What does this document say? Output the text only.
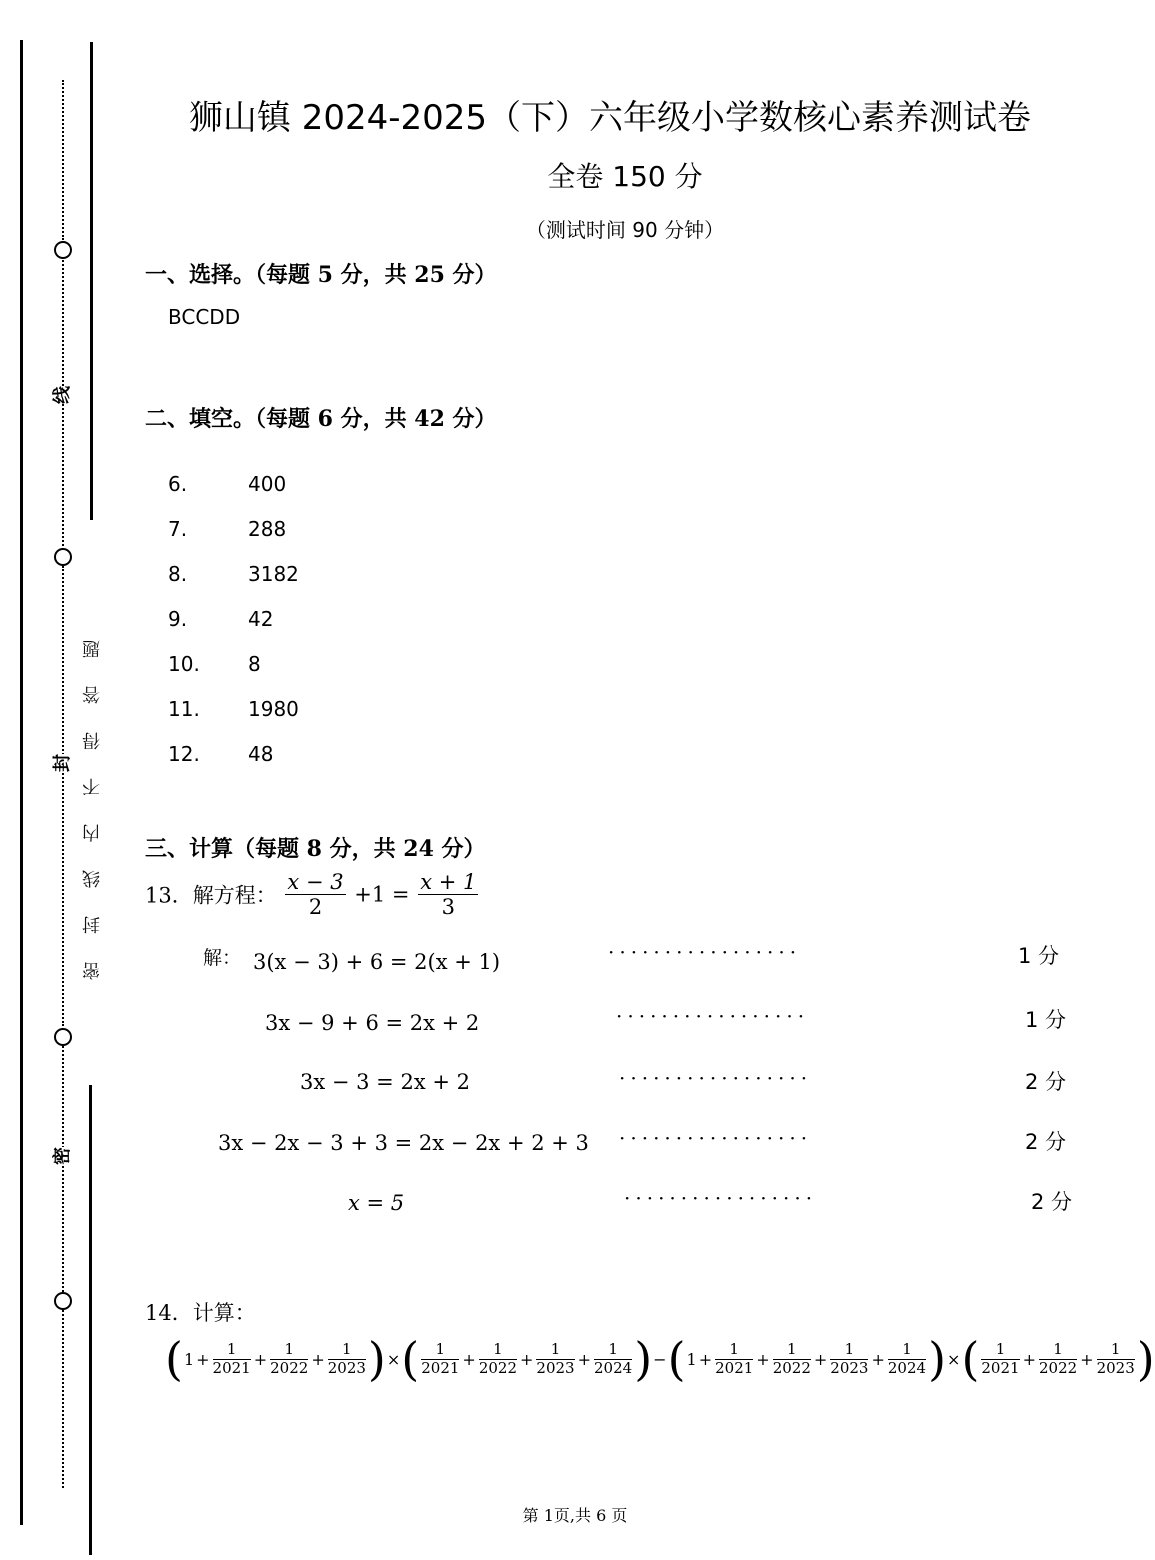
线
封
密
密封线内不得答题
狮山镇 2024-2025（下）六年级小学数核心素养测试卷
全卷 150 分
（测试时间 90 分钟）
一、选择。（每题 5 分，共 25 分）
BCCDD
二、填空。（每题 6 分，共 42 分）
6.	400
7.	288
8.	3182
9.	42
10. 8
11. 1980
12. 48
三、计算（每题 8 分，共 24 分）
13．解方程： $\frac{x - 3}{2} +1 = \frac{x + 1}{3}$
解： 3(x − 3) + 6 = 2(x + 1)	·················	1 分
3x − 9 + 6 = 2x + 2	·················	1 分
3x − 3 = 2x + 2	·················	2 分
3x − 2x − 3 + 3 = 2x − 2x + 2 + 3 ·················	2 分
x = 5	·················	2 分
14．计算：
($1 + \frac{1}{2021} + \frac{1}{2022} + \frac{1}{2023}$ )×( $\frac{1}{2021} + \frac{1}{2022} + \frac{1}{2023} + \frac{1}{2024} )-(1 + \frac{1}{2021} + \frac{1}{2022} + \frac{1}{2023} + \frac{1}{2024}$ )×( $\frac{1}{2021} + \frac{1}{2022} + \frac{1}{2023}$ )
第 1页,共 6 页
